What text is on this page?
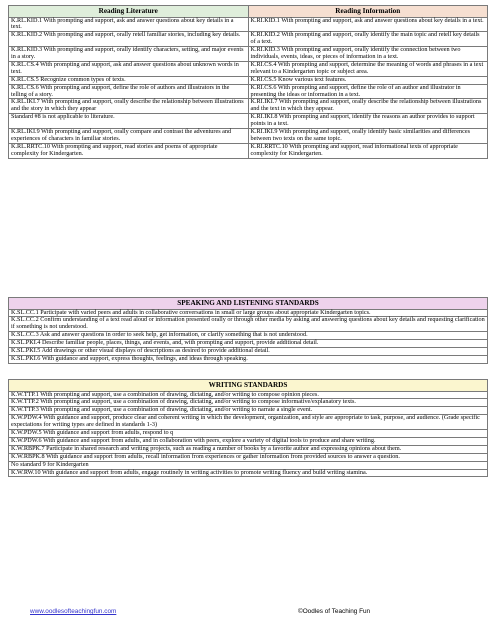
Reading Literature	Reading Information
K.RL.KID.1 With prompting and support, ask and answer questions about key details in a text.	K.RI.KID.1 With prompting and support, ask and answer questions about key details in a text.
K.RL.KID.2 With prompting and support, orally retell familiar stories, including key details.	K.RI.KID.2 With prompting and support, orally identify the main topic and retell key details of a text.
K.RL.KID.3 With prompting and support, orally identify characters, setting, and major events in a story.	K.RI.KID.3 With prompting and support, orally identify the connection between two individuals, events, ideas, or pieces of information in a text.
K.RL.CS.4 With prompting and support, ask and answer questions about unknown words in text.	K.RI.CS.4 With prompting and support, determine the meaning of words and phrases in a text relevant to a Kindergarten topic or subject area.
K.RL.CS.5 Recognize common types of texts.	K.RI.CS.5 Know various text features.
K.RL.CS.6 With prompting and support, define the role of authors and illustrators in the telling of a story.	K.RI.CS.6 With prompting and support, define the role of an author and illustrator in presenting the ideas or information in a text.
K.RL.IKI.7 With prompting and support, orally describe the relationship between illustrations and the story in which they appear	K.RI.IKI.7 With prompting and support, orally describe the relationship between illustrations and the text in which they appear.
Standard #8 is not applicable to literature.	K.RI.IKI.8 With prompting and support, identify the reasons an author provides to support points in a text.
K.RL.IKI.9 With prompting and support, orally compare and contrast the adventures and experiences of characters in familiar stories.	K.RI.IKI.9 With prompting and support, orally identify basic similarities and differences between two texts on the same topic.
K.RL.RRTC.10 With prompting and support, read stories and poems of appropriate complexity for Kindergarten.	K.RI.RRTC.10 With prompting and support, read informational texts of appropriate complexity for Kindergarten.
SPEAKING AND LISTENING STANDARDS
K.SL.CC.1 Participate with varied peers and adults in collaborative conversations in small or large groups about appropriate Kindergarten topics.
K.SL.CC.2 Confirm understanding of a text read aloud or information presented orally or through other media by asking and answering questions about key details and requesting clarification if something is not understood.
K.SL.CC.3 Ask and answer questions in order to seek help, get information, or clarify something that is not understood.
K.SL.PKI.4 Describe familiar people, places, things, and events, and, with prompting and support, provide additional detail.
K.SL.PKI.5 Add drawings or other visual displays of descriptions as desired to provide additional detail.
K.SL.PKI.6 With guidance and support, express thoughts, feelings, and ideas through speaking.
WRITING STANDARDS
K.W.TTP.1 With prompting and support, use a combination of drawing, dictating, and/or writing to compose opinion pieces.
K.W.TTP.2 With prompting and support, use a combination of drawing, dictating, and/or writing to compose informative/explanatory texts.
K.W.TTP.3 With prompting and support, use a combination of drawing, dictating, and/or writing to narrate a single event.
K.W.PDW.4 With guidance and support, produce clear and coherent writing in which the development, organization, and style are appropriate to task, purpose, and audience. (Grade specific expectations for writing types are defined in standards 1-3)
K.W.PDW.5 With guidance and support from adults, respond to q
K.W.PDW.6 With guidance and support from adults, and in collaboration with peers, explore a variety of digital tools to produce and share writing.
K.W.RBPK.7 Participate in shared research and writing projects, such as reading a number of books by a favorite author and expressing opinions about them.
K.W.RBPK.8 With guidance and support from adults, recall information from experiences or gather information from provided sources to answer a question.
No standard 9 for Kindergarten
K.W.RW.10 With guidance and support from adults, engage routinely in writing activities to promote writing fluency and build writing stamina.
www.oodlesofteachingfun.com	©Oodles of Teaching Fun
